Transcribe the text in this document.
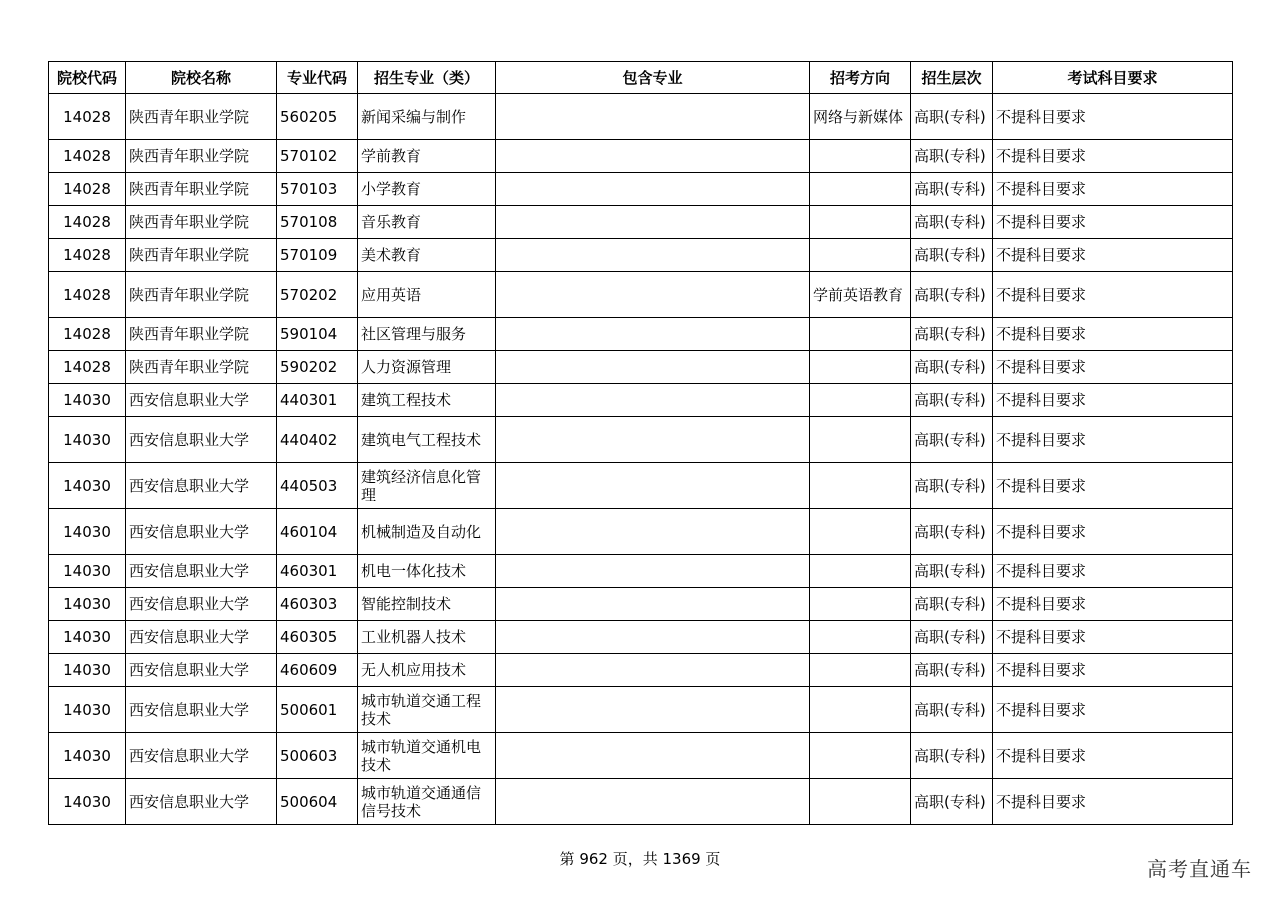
院校代码	院校名称	专业代码	招生专业（类）	包含专业	招考方向	招生层次	考试科目要求
14028	陕西青年职业学院	560205	新闻采编与制作		网络与新媒体	高职(专科)	不提科目要求
14028	陕西青年职业学院	570102	学前教育			高职(专科)	不提科目要求
14028	陕西青年职业学院	570103	小学教育			高职(专科)	不提科目要求
14028	陕西青年职业学院	570108	音乐教育			高职(专科)	不提科目要求
14028	陕西青年职业学院	570109	美术教育			高职(专科)	不提科目要求
14028	陕西青年职业学院	570202	应用英语		学前英语教育	高职(专科)	不提科目要求
14028	陕西青年职业学院	590104	社区管理与服务			高职(专科)	不提科目要求
14028	陕西青年职业学院	590202	人力资源管理			高职(专科)	不提科目要求
14030	西安信息职业大学	440301	建筑工程技术			高职(专科)	不提科目要求
14030	西安信息职业大学	440402	建筑电气工程技术			高职(专科)	不提科目要求
14030	西安信息职业大学	440503	建筑经济信息化管理			高职(专科)	不提科目要求
14030	西安信息职业大学	460104	机械制造及自动化			高职(专科)	不提科目要求
14030	西安信息职业大学	460301	机电一体化技术			高职(专科)	不提科目要求
14030	西安信息职业大学	460303	智能控制技术			高职(专科)	不提科目要求
14030	西安信息职业大学	460305	工业机器人技术			高职(专科)	不提科目要求
14030	西安信息职业大学	460609	无人机应用技术			高职(专科)	不提科目要求
14030	西安信息职业大学	500601	城市轨道交通工程技术			高职(专科)	不提科目要求
14030	西安信息职业大学	500603	城市轨道交通机电技术			高职(专科)	不提科目要求
14030	西安信息职业大学	500604	城市轨道交通通信信号技术			高职(专科)	不提科目要求
第 962 页，共 1369 页	高考直通车
